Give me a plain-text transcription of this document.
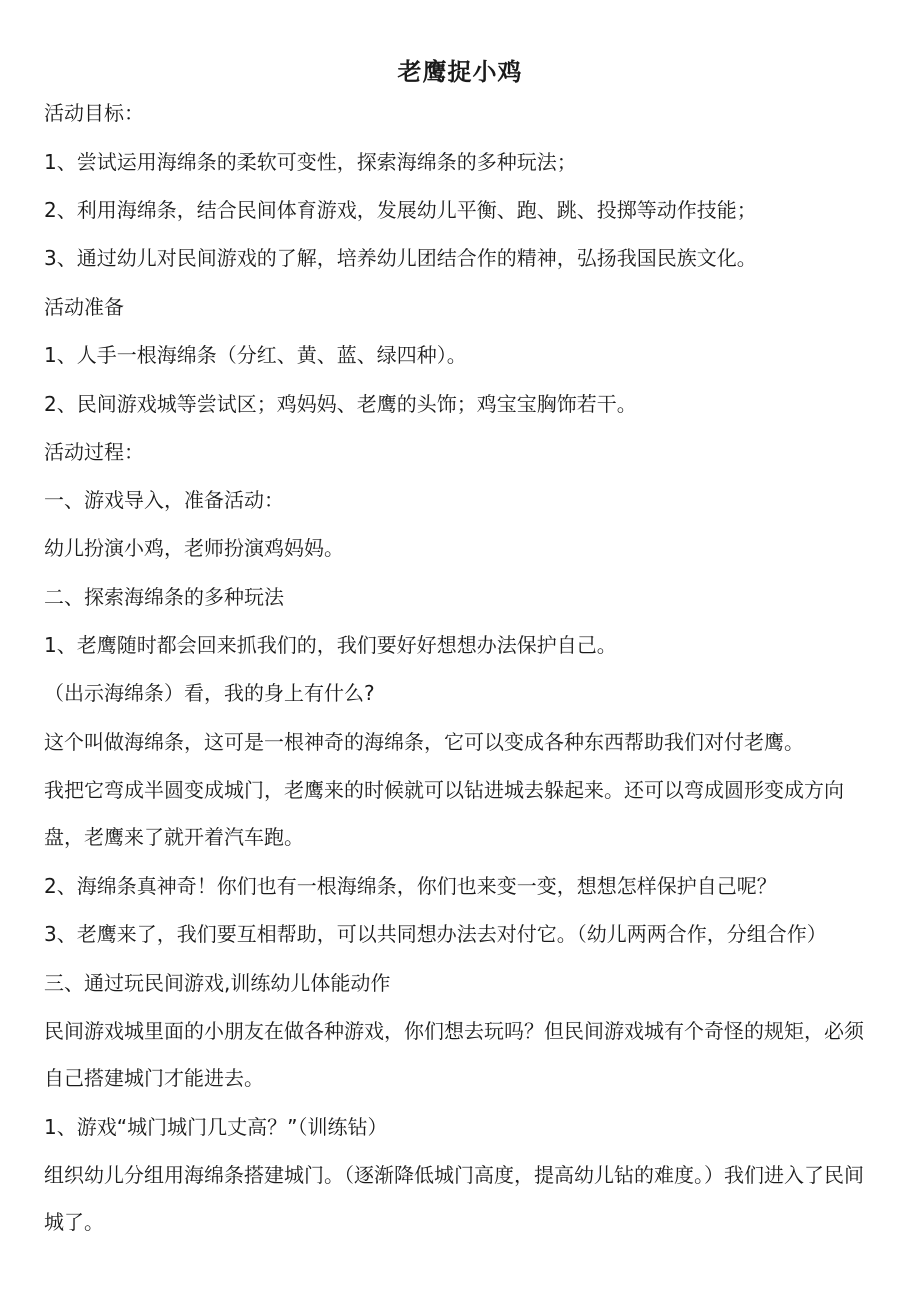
老鹰捉小鸡
活动目标：
1、尝试运用海绵条的柔软可变性，探索海绵条的多种玩法；
2、利用海绵条，结合民间体育游戏，发展幼儿平衡、跑、跳、投掷等动作技能；
3、通过幼儿对民间游戏的了解，培养幼儿团结合作的精神，弘扬我国民族文化。
活动准备
1、人手一根海绵条（分红、黄、蓝、绿四种）。
2、民间游戏城等尝试区；鸡妈妈、老鹰的头饰；鸡宝宝胸饰若干。
活动过程：
一、游戏导入，准备活动：
幼儿扮演小鸡，老师扮演鸡妈妈。
二、探索海绵条的多种玩法
1、老鹰随时都会回来抓我们的，我们要好好想想办法保护自己。
（出示海绵条）看，我的身上有什么?
这个叫做海绵条，这可是一根神奇的海绵条，它可以变成各种东西帮助我们对付老鹰。
我把它弯成半圆变成城门，老鹰来的时候就可以钻进城去躲起来。还可以弯成圆形变成方向盘，老鹰来了就开着汽车跑。
2、海绵条真神奇！你们也有一根海绵条，你们也来变一变，想想怎样保护自己呢？
3、老鹰来了，我们要互相帮助，可以共同想办法去对付它。（幼儿两两合作，分组合作）
三、通过玩民间游戏,训练幼儿体能动作
民间游戏城里面的小朋友在做各种游戏，你们想去玩吗？但民间游戏城有个奇怪的规矩，必须自己搭建城门才能进去。
1、游戏“城门城门几丈高？”（训练钻）
组织幼儿分组用海绵条搭建城门。（逐渐降低城门高度，提高幼儿钻的难度。）我们进入了民间城了。
